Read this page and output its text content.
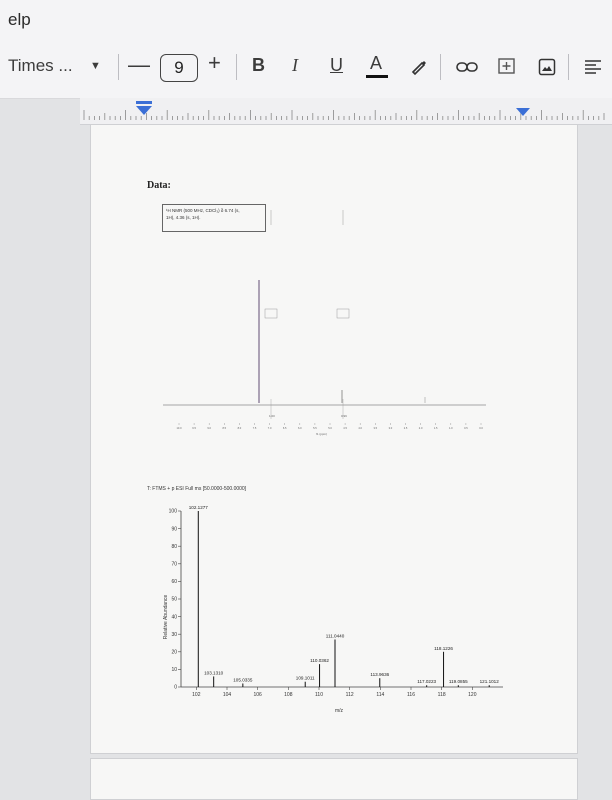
elp
Times ...	▼ —	9	+ B I U A
Data:
¹H NMR (500 MHz, CDCl₃) δ 6.74 (s,
1H), 4.36 (s, 1H).
1.00	0.99
10.0	9.5	9.0	8.5	8.0	7.5	7.0	6.5	6.0	5.5	5.0	4.5	4.0	3.5	3.0	2.5	2.0	1.5	1.0	0.5	0.0
f1 (ppm)
T: FTMS + p ESI Full ms [50.0000-500.0000]
Relative Abundance
m/z
0
10
20
30
40
50
60
70
80
90
100
102	104	106	108	110	112	114	116	118	120
102.1277
103.1310
105.0335	109.1011
110.0362
111.0440
113.9636
117.0223
118.1226
119.0855	121.1012
